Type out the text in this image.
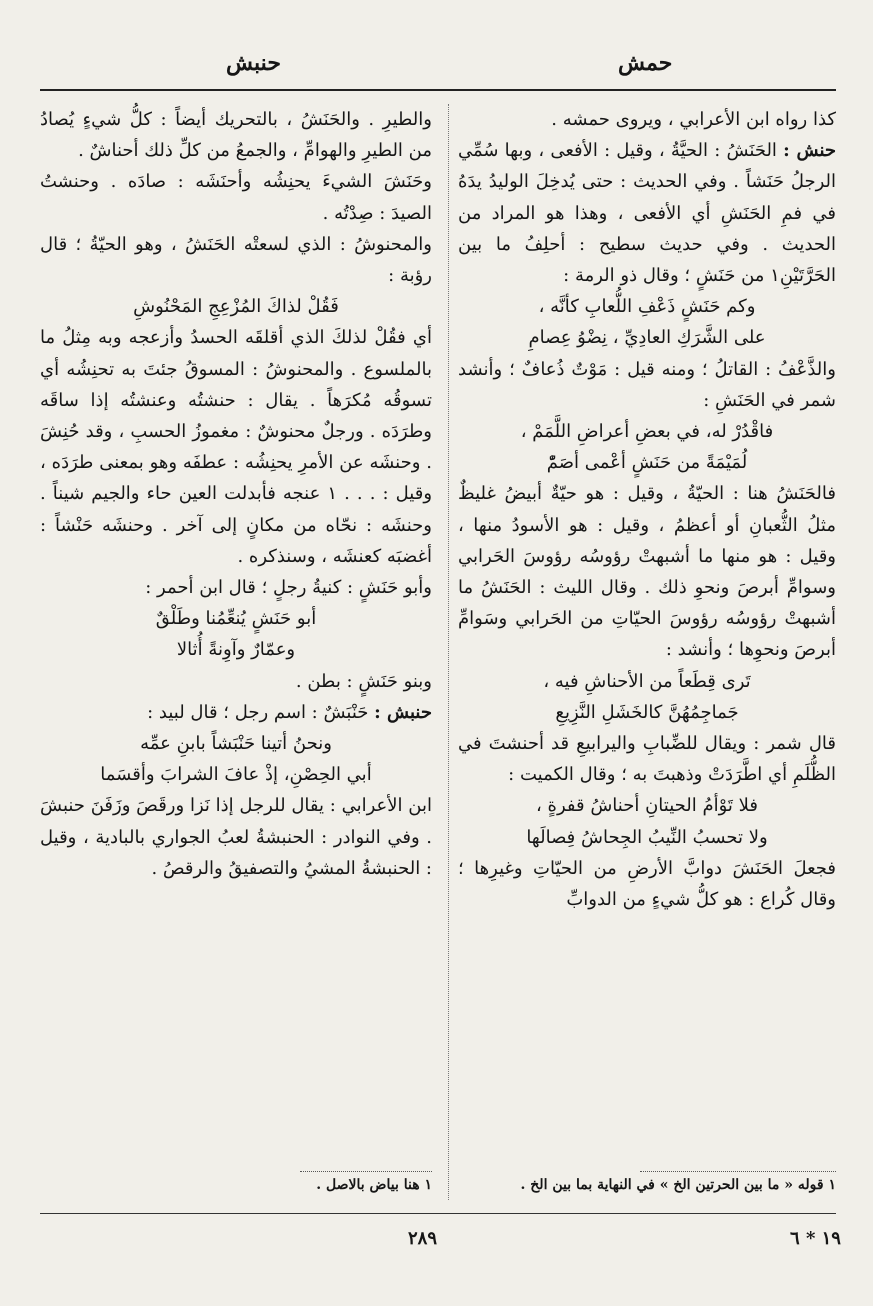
حمش
حنبش

كذا رواه ابن الأعرابي ، ويروى حمشه .

حنش : الحَنَشُ : الحيَّةُ ، وقيل : الأفعى ، وبها سُمِّي الرجلُ حَنَشاً . وفي الحديث : حتى يُدخِلَ الوليدُ يدَهُ في فمِ الحَنَشِ أي الأفعى ، وهذا هو المراد من الحديث . وفي حديث سطيح : أحلِفُ ما بين الحَرَّتَيْنِ١ من حَنَشٍ ؛ وقال ذو الرمة :

وكم حَنَشٍ ذَعْفِ اللُّعابِ كأنَّه ،

على الشَّرَكِ العادِيِّ ، نِضْوُ عِصامِ

والذَّعْفُ : القاتلُ ؛ ومنه قيل : مَوْتٌ ذُعافٌ ؛ وأنشد شمر في الحَنَشِ :

فاقْدُرْ له، في بعضِ أعراضِ اللَّمَمْ ،

لُمَيْمَةً من حَنَشٍ أعْمى أصَمّْ

فالحَنَشُ هنا : الحيّةُ ، وقيل : هو حيّةٌ أبيضُ غليظٌ مثلُ الثُّعبانِ أو أعظمُ ، وقيل : هو الأسودُ منها ، وقيل : هو منها ما أشبهتْ رؤوسُه رؤوسَ الحَرابي وسوامِّ أبرصَ ونحوِ ذلك . وقال الليث : الحَنَشُ ما أشبهتْ رؤوسُه رؤوسَ الحيّاتِ من الحَرابي وسَوامِّ أبرصَ ونحوِها ؛ وأنشد :

تَرى قِطَعاً من الأحناشِ فيه ،

جَماجِمُهُنَّ كالخَشَلِ النَّزِيعِ

قال شمر : ويقال للضِّبابِ واليرابيعِ قد أحنشتَ في الظُّلَمِ أي اطَّرَدَتْ وذهبتَ به ؛ وقال الكميت :

فلا تَوْأمُ الحيتانِ أحناشُ قفرةٍ ،

ولا تحسبُ النِّيبُ الجِحاشُ فِصالَها

فجعلَ الحَنَشَ دوابَّ الأرضِ من الحيّاتِ وغيرِها ؛ وقال كُراع : هو كلُّ شيءٍ من الدوابِّ

والطيرِ . والحَنَشُ ، بالتحريك أيضاً : كلُّ شيءٍ يُصادُ من الطيرِ والهوامِّ ، والجمعُ من كلِّ ذلك أحناشٌ .

وحَنَشَ الشيءَ يحنِشُه وأحنَشَه : صادَه . وحنشتُ الصيدَ : صِدْتُه .

والمحنوشُ : الذي لسعتْه الحَنَشُ ، وهو الحيّةُ ؛ قال رؤبة :

فَقُلْ لذاكَ المُزْعِجِ المَحْنُوشِ

أي فقُلْ لذلكَ الذي أقلقَه الحسدُ وأزعجه وبه مِثلُ ما بالملسوع . والمحنوشُ : المسوقُ جئتَ به تحنِشُه أي تسوقُه مُكرَهاً . يقال : حنشتُه وعنشتُه إذا ساقَه وطرَدَه . ورجلٌ محنوشٌ : مغموزُ الحسبِ ، وقد حُنِشَ . وحنشَه عن الأمرِ يحنِشُه : عطفَه وهو بمعنى طرَدَه ، وقيل : . . . ١ عنجه فأبدلت العين حاء والجيم شيناً . وحنشَه : نحّاه من مكانٍ إلى آخر . وحنشَه حَنْشاً : أغضبَه كعنشَه ، وسنذكره .

وأبو حَنَشٍ : كنيةُ رجلٍ ؛ قال ابن أحمر :

أبو حَنَشٍ يُنعِّمُنا وطَلْقٌ

وعمّارٌ وآوِنةً أُثالا

وبنو حَنَشٍ : بطن .

حنبش : حَنْبَشٌ : اسم رجل ؛ قال لبيد :

ونحنُ أتينا حَنْبَشاً بابنِ عمِّه

أبي الحِصْنِ، إذْ عافَ الشرابَ وأقسَما

ابن الأعرابي : يقال للرجل إذا نَزا ورقَصَ وزَفَنَ حنبشَ . وفي النوادر : الحنبشةُ لعبُ الجواري بالبادية ، وقيل : الحنبشةُ المشيُ والتصفيقُ والرقصُ .

١ قوله « ما بين الحرتين الخ » في النهاية بما بين الخ .
١ هنا بياض بالاصل .
٢٨٩	١٩ * ٦
